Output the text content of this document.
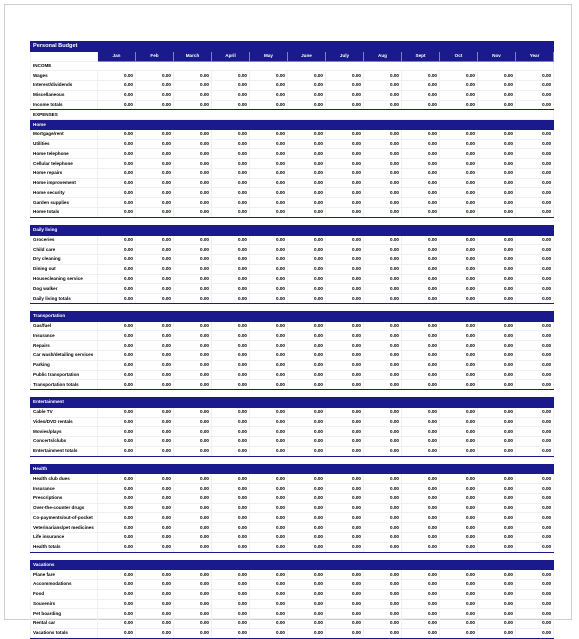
Personal Budget												
	Jan	Feb	March	April	May	June	July	Aug	Sept	Oct	Nov	Year
INCOME												
Wages	0.00	0.00	0.00	0.00	0.00	0.00	0.00	0.00	0.00	0.00	0.00	0.00
Interest/dividends	0.00	0.00	0.00	0.00	0.00	0.00	0.00	0.00	0.00	0.00	0.00	0.00
Miscellaneous	0.00	0.00	0.00	0.00	0.00	0.00	0.00	0.00	0.00	0.00	0.00	0.00
Income totals	0.00	0.00	0.00	0.00	0.00	0.00	0.00	0.00	0.00	0.00	0.00	0.00
EXPENSES												
Home												
Mortgage/rent	0.00	0.00	0.00	0.00	0.00	0.00	0.00	0.00	0.00	0.00	0.00	0.00
Utilities	0.00	0.00	0.00	0.00	0.00	0.00	0.00	0.00	0.00	0.00	0.00	0.00
Home telephone	0.00	0.00	0.00	0.00	0.00	0.00	0.00	0.00	0.00	0.00	0.00	0.00
Cellular telephone	0.00	0.00	0.00	0.00	0.00	0.00	0.00	0.00	0.00	0.00	0.00	0.00
Home repairs	0.00	0.00	0.00	0.00	0.00	0.00	0.00	0.00	0.00	0.00	0.00	0.00
Home improvement	0.00	0.00	0.00	0.00	0.00	0.00	0.00	0.00	0.00	0.00	0.00	0.00
Home security	0.00	0.00	0.00	0.00	0.00	0.00	0.00	0.00	0.00	0.00	0.00	0.00
Garden supplies	0.00	0.00	0.00	0.00	0.00	0.00	0.00	0.00	0.00	0.00	0.00	0.00
Home totals	0.00	0.00	0.00	0.00	0.00	0.00	0.00	0.00	0.00	0.00	0.00	0.00

Daily living												
Groceries	0.00	0.00	0.00	0.00	0.00	0.00	0.00	0.00	0.00	0.00	0.00	0.00
Child care	0.00	0.00	0.00	0.00	0.00	0.00	0.00	0.00	0.00	0.00	0.00	0.00
Dry cleaning	0.00	0.00	0.00	0.00	0.00	0.00	0.00	0.00	0.00	0.00	0.00	0.00
Dining out	0.00	0.00	0.00	0.00	0.00	0.00	0.00	0.00	0.00	0.00	0.00	0.00
Housecleaning service	0.00	0.00	0.00	0.00	0.00	0.00	0.00	0.00	0.00	0.00	0.00	0.00
Dog walker	0.00	0.00	0.00	0.00	0.00	0.00	0.00	0.00	0.00	0.00	0.00	0.00
Daily living totals	0.00	0.00	0.00	0.00	0.00	0.00	0.00	0.00	0.00	0.00	0.00	0.00

Transportation												
Gas/fuel	0.00	0.00	0.00	0.00	0.00	0.00	0.00	0.00	0.00	0.00	0.00	0.00
Insurance	0.00	0.00	0.00	0.00	0.00	0.00	0.00	0.00	0.00	0.00	0.00	0.00
Repairs	0.00	0.00	0.00	0.00	0.00	0.00	0.00	0.00	0.00	0.00	0.00	0.00
Car wash/detailing services	0.00	0.00	0.00	0.00	0.00	0.00	0.00	0.00	0.00	0.00	0.00	0.00
Parking	0.00	0.00	0.00	0.00	0.00	0.00	0.00	0.00	0.00	0.00	0.00	0.00
Public transportation	0.00	0.00	0.00	0.00	0.00	0.00	0.00	0.00	0.00	0.00	0.00	0.00
Transportation totals	0.00	0.00	0.00	0.00	0.00	0.00	0.00	0.00	0.00	0.00	0.00	0.00

Entertainment												
Cable TV	0.00	0.00	0.00	0.00	0.00	0.00	0.00	0.00	0.00	0.00	0.00	0.00
Video/DVD rentals	0.00	0.00	0.00	0.00	0.00	0.00	0.00	0.00	0.00	0.00	0.00	0.00
Movies/plays	0.00	0.00	0.00	0.00	0.00	0.00	0.00	0.00	0.00	0.00	0.00	0.00
Concerts/clubs	0.00	0.00	0.00	0.00	0.00	0.00	0.00	0.00	0.00	0.00	0.00	0.00
Entertainment totals	0.00	0.00	0.00	0.00	0.00	0.00	0.00	0.00	0.00	0.00	0.00	0.00

Health												
Health club dues	0.00	0.00	0.00	0.00	0.00	0.00	0.00	0.00	0.00	0.00	0.00	0.00
Insurance	0.00	0.00	0.00	0.00	0.00	0.00	0.00	0.00	0.00	0.00	0.00	0.00
Prescriptions	0.00	0.00	0.00	0.00	0.00	0.00	0.00	0.00	0.00	0.00	0.00	0.00
Over-the-counter drugs	0.00	0.00	0.00	0.00	0.00	0.00	0.00	0.00	0.00	0.00	0.00	0.00
Co-payments/out-of-pocket	0.00	0.00	0.00	0.00	0.00	0.00	0.00	0.00	0.00	0.00	0.00	0.00
Veterinarians/pet medicines	0.00	0.00	0.00	0.00	0.00	0.00	0.00	0.00	0.00	0.00	0.00	0.00
Life insurance	0.00	0.00	0.00	0.00	0.00	0.00	0.00	0.00	0.00	0.00	0.00	0.00
Health totals	0.00	0.00	0.00	0.00	0.00	0.00	0.00	0.00	0.00	0.00	0.00	0.00

Vacations												
Plane fare	0.00	0.00	0.00	0.00	0.00	0.00	0.00	0.00	0.00	0.00	0.00	0.00
Accommodations	0.00	0.00	0.00	0.00	0.00	0.00	0.00	0.00	0.00	0.00	0.00	0.00
Food	0.00	0.00	0.00	0.00	0.00	0.00	0.00	0.00	0.00	0.00	0.00	0.00
Souvenirs	0.00	0.00	0.00	0.00	0.00	0.00	0.00	0.00	0.00	0.00	0.00	0.00
Pet boarding	0.00	0.00	0.00	0.00	0.00	0.00	0.00	0.00	0.00	0.00	0.00	0.00
Rental car	0.00	0.00	0.00	0.00	0.00	0.00	0.00	0.00	0.00	0.00	0.00	0.00
Vacations totals	0.00	0.00	0.00	0.00	0.00	0.00	0.00	0.00	0.00	0.00	0.00	0.00
